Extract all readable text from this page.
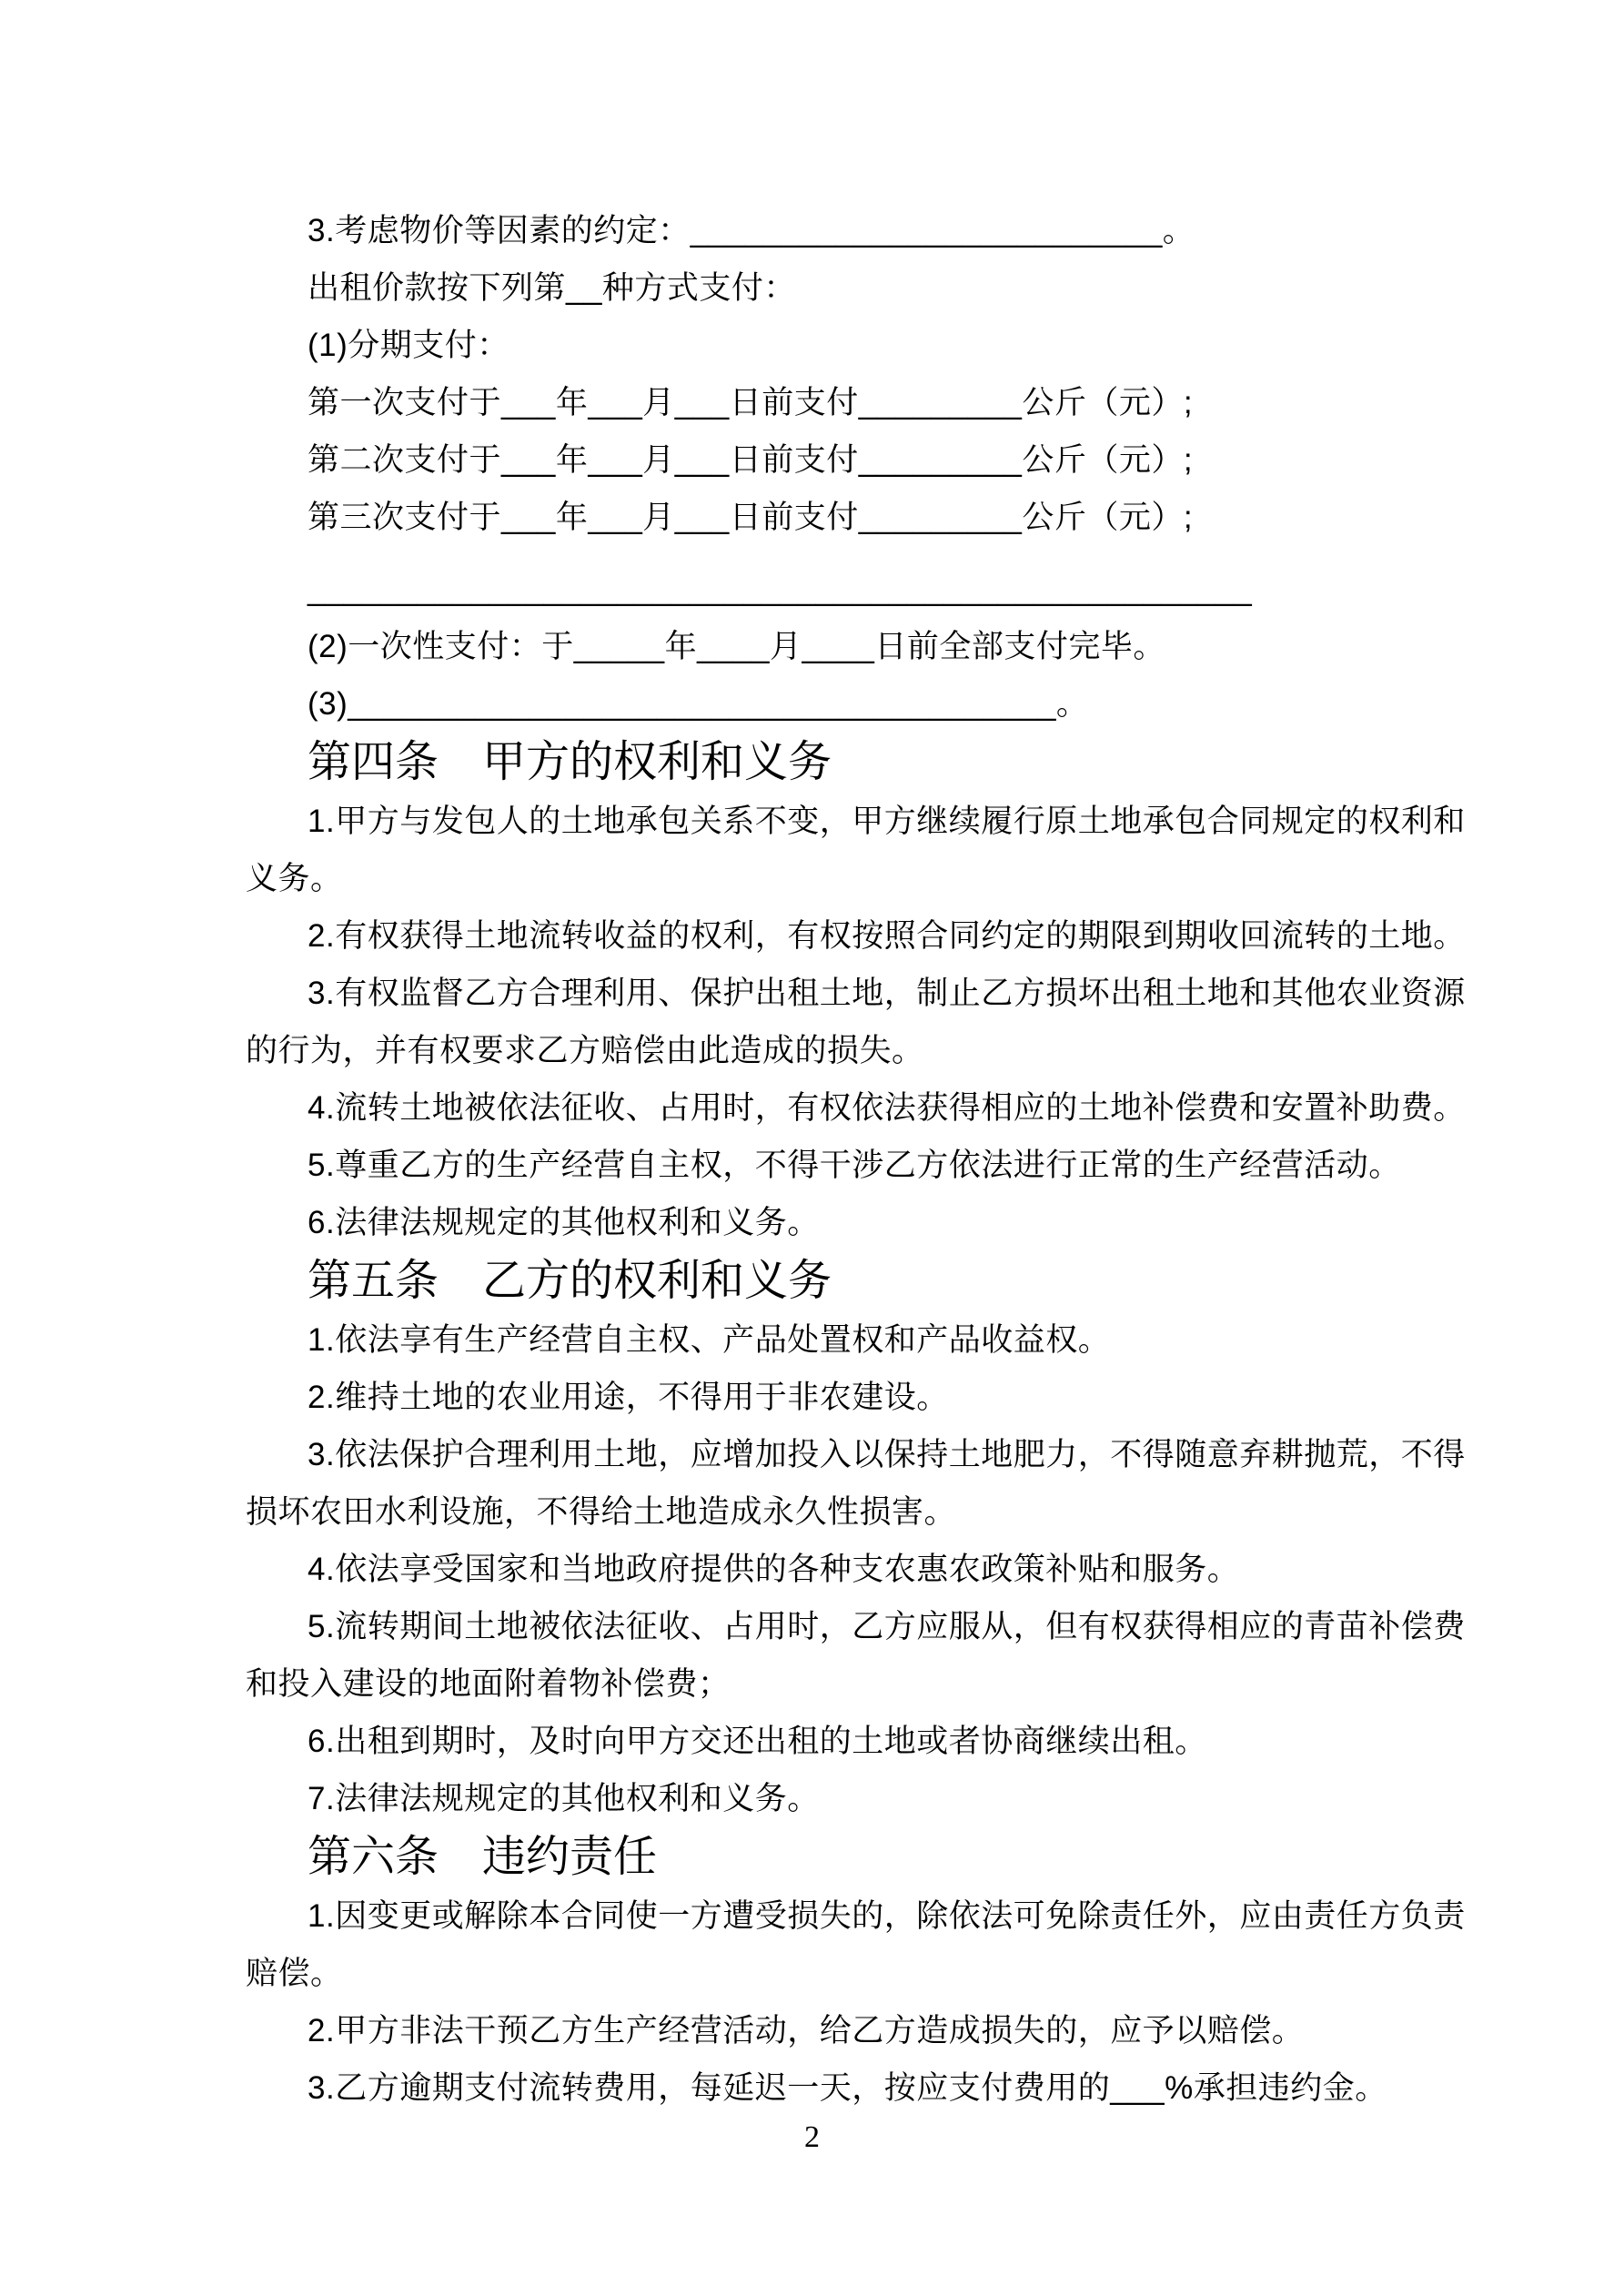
3.考虑物价等因素的约定：__________________________。
出租价款按下列第__种方式支付：
(1)分期支付：
第一次支付于___年___月___日前支付_________公斤（元）;
第二次支付于___年___月___日前支付_________公斤（元）;
第三次支付于___年___月___日前支付_________公斤（元）;
____________________________________________________
(2)一次性支付：于_____年____月____日前全部支付完毕。
(3)_______________________________________。
第四条　甲方的权利和义务
1.甲方与发包人的土地承包关系不变，甲方继续履行原土地承包合同规定的权利和
义务。
2.有权获得土地流转收益的权利，有权按照合同约定的期限到期收回流转的土地。
3.有权监督乙方合理利用、保护出租土地，制止乙方损坏出租土地和其他农业资源
的行为，并有权要求乙方赔偿由此造成的损失。
4.流转土地被依法征收、占用时，有权依法获得相应的土地补偿费和安置补助费。
5.尊重乙方的生产经营自主权，不得干涉乙方依法进行正常的生产经营活动。
6.法律法规规定的其他权利和义务。
第五条　乙方的权利和义务
1.依法享有生产经营自主权、产品处置权和产品收益权。
2.维持土地的农业用途，不得用于非农建设。
3.依法保护合理利用土地，应增加投入以保持土地肥力，不得随意弃耕抛荒，不得
损坏农田水利设施，不得给土地造成永久性损害。
4.依法享受国家和当地政府提供的各种支农惠农政策补贴和服务。
5.流转期间土地被依法征收、占用时，乙方应服从，但有权获得相应的青苗补偿费
和投入建设的地面附着物补偿费；
6.出租到期时，及时向甲方交还出租的土地或者协商继续出租。
7.法律法规规定的其他权利和义务。
第六条　违约责任
1.因变更或解除本合同使一方遭受损失的，除依法可免除责任外，应由责任方负责
赔偿。
2.甲方非法干预乙方生产经营活动，给乙方造成损失的，应予以赔偿。
3.乙方逾期支付流转费用，每延迟一天，按应支付费用的___%承担违约金。
2
